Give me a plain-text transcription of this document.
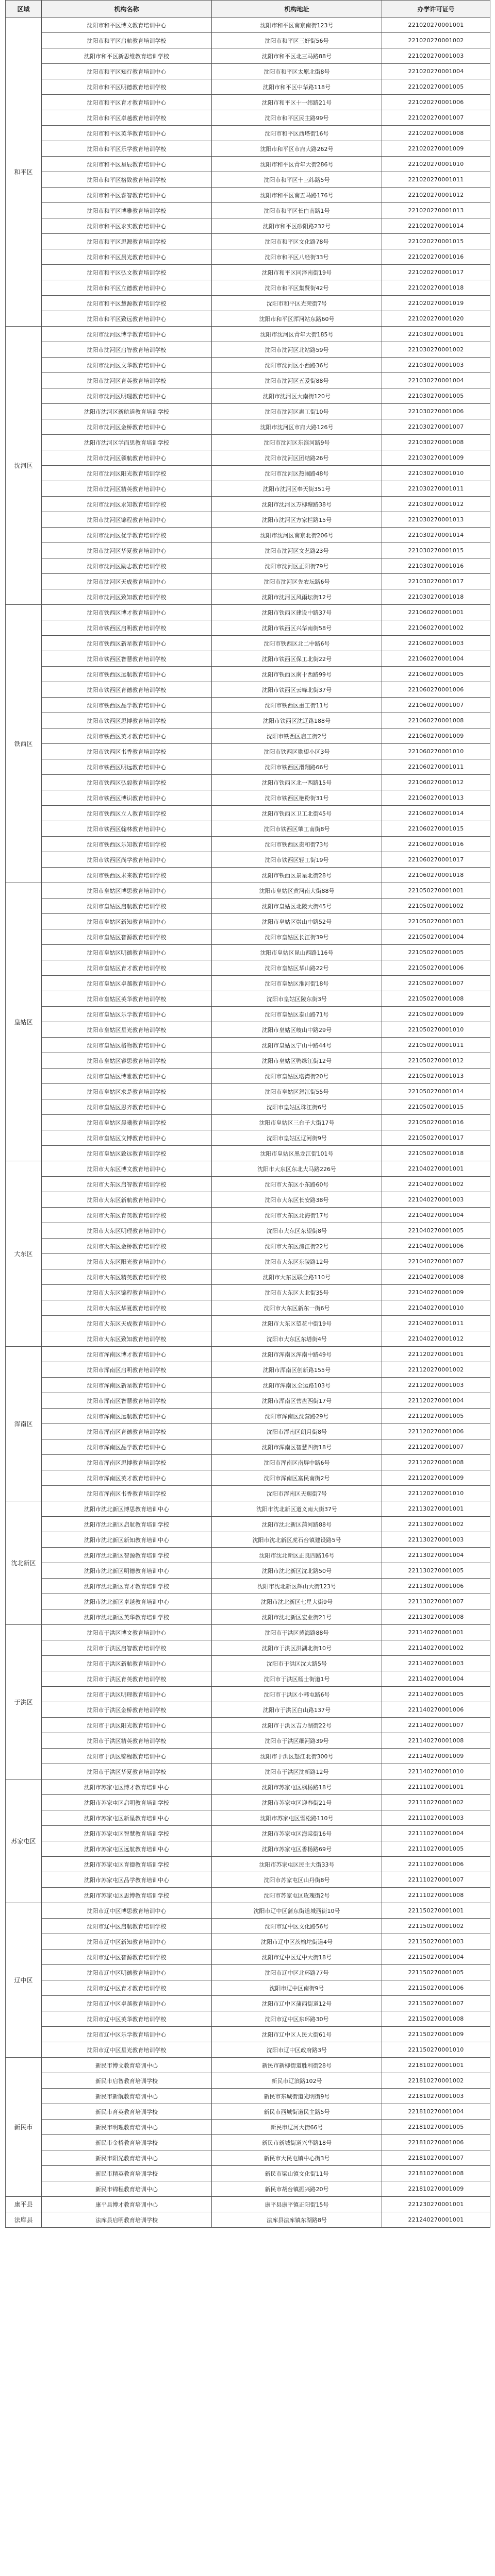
区域	机构名称	机构地址	办学许可证号
和平区	沈阳市和平区博文教育培训中心	沈阳市和平区南京南街123号	221020270001001
	沈阳市和平区启航教育培训学校	沈阳市和平区三好街56号	221020270001002
	沈阳市和平区新思维教育培训学校	沈阳市和平区北三马路88号	221020270001003
	沈阳市和平区知行教育培训中心	沈阳市和平区太原北街8号	221020270001004
	沈阳市和平区明德教育培训学校	沈阳市和平区中华路118号	221020270001005
	沈阳市和平区育才教育培训中心	沈阳市和平区十一纬路21号	221020270001006
	沈阳市和平区卓越教育培训学校	沈阳市和平区民主路99号	221020270001007
	沈阳市和平区英华教育培训中心	沈阳市和平区西塔街16号	221020270001008
	沈阳市和平区乐学教育培训学校	沈阳市和平区市府大路262号	221020270001009
	沈阳市和平区星辰教育培训中心	沈阳市和平区青年大街286号	221020270001010
	沈阳市和平区格致教育培训学校	沈阳市和平区十三纬路5号	221020270001011
	沈阳市和平区睿智教育培训中心	沈阳市和平区南五马路176号	221020270001012
	沈阳市和平区博雅教育培训学校	沈阳市和平区长白南路1号	221020270001013
	沈阳市和平区求实教育培训中心	沈阳市和平区砂阳路232号	221020270001014
	沈阳市和平区思源教育培训学校	沈阳市和平区文化路78号	221020270001015
	沈阳市和平区晨光教育培训中心	沈阳市和平区八经街33号	221020270001016
	沈阳市和平区弘文教育培训学校	沈阳市和平区同泽南街19号	221020270001017
	沈阳市和平区立德教育培训中心	沈阳市和平区集贤街42号	221020270001018
	沈阳市和平区慧源教育培训学校	沈阳市和平区光荣街7号	221020270001019
	沈阳市和平区致远教育培训中心	沈阳市和平区浑河站东路60号	221020270001020
沈河区	沈阳市沈河区博学教育培训中心	沈阳市沈河区青年大街185号	221030270001001
	沈阳市沈河区启智教育培训学校	沈阳市沈河区北站路59号	221030270001002
	沈阳市沈河区文华教育培训中心	沈阳市沈河区小西路36号	221030270001003
	沈阳市沈河区育英教育培训学校	沈阳市沈河区五爱街88号	221030270001004
	沈阳市沈河区明理教育培训中心	沈阳市沈河区大南街120号	221030270001005
	沈阳市沈河区新航道教育培训学校	沈阳市沈河区惠工街10号	221030270001006
	沈阳市沈河区金桥教育培训中心	沈阳市沈河区市府大路126号	221030270001007
	沈阳市沈河区学而思教育培训学校	沈阳市沈河区东滨河路9号	221030270001008
	沈阳市沈河区领航教育培训中心	沈阳市沈河区团结路26号	221030270001009
	沈阳市沈河区阳光教育培训学校	沈阳市沈河区热闹路48号	221030270001010
	沈阳市沈河区精英教育培训中心	沈阳市沈河区奉天街351号	221030270001011
	沈阳市沈河区求知教育培训学校	沈阳市沈河区万柳塘路38号	221030270001012
	沈阳市沈河区锦程教育培训中心	沈阳市沈河区方家栏路15号	221030270001013
	沈阳市沈河区优学教育培训学校	沈阳市沈河区南京北街206号	221030270001014
	沈阳市沈河区华夏教育培训中心	沈阳市沈河区文艺路23号	221030270001015
	沈阳市沈河区励志教育培训学校	沈阳市沈河区正阳街79号	221030270001016
	沈阳市沈河区天成教育培训中心	沈阳市沈河区先农坛路6号	221030270001017
	沈阳市沈河区致知教育培训学校	沈阳市沈河区风雨坛街12号	221030270001018
铁西区	沈阳市铁西区博才教育培训中心	沈阳市铁西区建设中路37号	221060270001001
	沈阳市铁西区启明教育培训学校	沈阳市铁西区兴华南街58号	221060270001002
	沈阳市铁西区新星教育培训中心	沈阳市铁西区北二中路6号	221060270001003
	沈阳市铁西区智慧教育培训学校	沈阳市铁西区保工北街22号	221060270001004
	沈阳市铁西区远航教育培训中心	沈阳市铁西区南十西路99号	221060270001005
	沈阳市铁西区育德教育培训学校	沈阳市铁西区云峰北街37号	221060270001006
	沈阳市铁西区品学教育培训中心	沈阳市铁西区重工街11号	221060270001007
	沈阳市铁西区思博教育培训学校	沈阳市铁西区沈辽路188号	221060270001008
	沈阳市铁西区英才教育培训中心	沈阳市铁西区启工街2号	221060270001009
	沈阳市铁西区书香教育培训学校	沈阳市铁西区勋望小区3号	221060270001010
	沈阳市铁西区明远教育培训中心	沈阳市铁西区滑翔路66号	221060270001011
	沈阳市铁西区弘毅教育培训学校	沈阳市铁西区北一西路15号	221060270001012
	沈阳市铁西区博识教育培训中心	沈阳市铁西区艳粉街31号	221060270001013
	沈阳市铁西区立人教育培训学校	沈阳市铁西区卫工北街45号	221060270001014
	沈阳市铁西区翰林教育培训中心	沈阳市铁西区肇工南街8号	221060270001015
	沈阳市铁西区乐知教育培训学校	沈阳市铁西区贵和街73号	221060270001016
	沈阳市铁西区尚学教育培训中心	沈阳市铁西区轻工街19号	221060270001017
	沈阳市铁西区未来教育培训学校	沈阳市铁西区景星北街28号	221060270001018
皇姑区	沈阳市皇姑区博思教育培训中心	沈阳市皇姑区黄河南大街88号	221050270001001
	沈阳市皇姑区启航教育培训学校	沈阳市皇姑区北陵大街45号	221050270001002
	沈阳市皇姑区新知教育培训中心	沈阳市皇姑区崇山中路52号	221050270001003
	沈阳市皇姑区智源教育培训学校	沈阳市皇姑区长江街39号	221050270001004
	沈阳市皇姑区明德教育培训中心	沈阳市皇姑区昆山西路116号	221050270001005
	沈阳市皇姑区育才教育培训学校	沈阳市皇姑区华山路22号	221050270001006
	沈阳市皇姑区卓越教育培训中心	沈阳市皇姑区淮河街18号	221050270001007
	沈阳市皇姑区英华教育培训学校	沈阳市皇姑区陵东街3号	221050270001008
	沈阳市皇姑区乐学教育培训中心	沈阳市皇姑区泰山路71号	221050270001009
	沈阳市皇姑区星光教育培训学校	沈阳市皇姑区岐山中路29号	221050270001010
	沈阳市皇姑区格物教育培训中心	沈阳市皇姑区宁山中路44号	221050270001011
	沈阳市皇姑区睿思教育培训学校	沈阳市皇姑区鸭绿江街12号	221050270001012
	沈阳市皇姑区博雅教育培训中心	沈阳市皇姑区塔湾街20号	221050270001013
	沈阳市皇姑区求是教育培训学校	沈阳市皇姑区怒江街55号	221050270001014
	沈阳市皇姑区思齐教育培训中心	沈阳市皇姑区珠江街6号	221050270001015
	沈阳市皇姑区晨曦教育培训学校	沈阳市皇姑区三台子大街17号	221050270001016
	沈阳市皇姑区文博教育培训中心	沈阳市皇姑区辽河街9号	221050270001017
	沈阳市皇姑区致远教育培训学校	沈阳市皇姑区黑龙江街101号	221050270001018
大东区	沈阳市大东区博文教育培训中心	沈阳市大东区东北大马路226号	221040270001001
	沈阳市大东区启智教育培训学校	沈阳市大东区小东路60号	221040270001002
	沈阳市大东区新航教育培训中心	沈阳市大东区长安路38号	221040270001003
	沈阳市大东区育英教育培训学校	沈阳市大东区北海街17号	221040270001004
	沈阳市大东区明理教育培训中心	沈阳市大东区东望街8号	221040270001005
	沈阳市大东区金桥教育培训学校	沈阳市大东区滂江街22号	221040270001006
	沈阳市大东区阳光教育培训中心	沈阳市大东区东陵路12号	221040270001007
	沈阳市大东区精英教育培训学校	沈阳市大东区联合路110号	221040270001008
	沈阳市大东区锦程教育培训中心	沈阳市大东区大北街35号	221040270001009
	沈阳市大东区华夏教育培训学校	沈阳市大东区新东一街6号	221040270001010
	沈阳市大东区天成教育培训中心	沈阳市大东区望花中街19号	221040270001011
	沈阳市大东区致知教育培训学校	沈阳市大东区东塔街4号	221040270001012
浑南区	沈阳市浑南区博才教育培训中心	沈阳市浑南区浑南中路49号	221120270001001
	沈阳市浑南区启明教育培训学校	沈阳市浑南区创新路155号	221120270001002
	沈阳市浑南区新星教育培训中心	沈阳市浑南区全运路103号	221120270001003
	沈阳市浑南区智慧教育培训学校	沈阳市浑南区营盘西街17号	221120270001004
	沈阳市浑南区远航教育培训中心	沈阳市浑南区沈营路29号	221120270001005
	沈阳市浑南区育德教育培训学校	沈阳市浑南区朗月街8号	221120270001006
	沈阳市浑南区品学教育培训中心	沈阳市浑南区智慧四街18号	221120270001007
	沈阳市浑南区思博教育培训学校	沈阳市浑南区南屏中路6号	221120270001008
	沈阳市浑南区英才教育培训中心	沈阳市浑南区富民南街2号	221120270001009
	沈阳市浑南区书香教育培训学校	沈阳市浑南区天赐街7号	221120270001010
沈北新区	沈阳市沈北新区博思教育培训中心	沈阳市沈北新区道义南大街37号	221130270001001
	沈阳市沈北新区启航教育培训学校	沈阳市沈北新区蒲河路88号	221130270001002
	沈阳市沈北新区新知教育培训中心	沈阳市沈北新区虎石台镇建设路5号	221130270001003
	沈阳市沈北新区智源教育培训学校	沈阳市沈北新区正良四路16号	221130270001004
	沈阳市沈北新区明德教育培训中心	沈阳市沈北新区沈北路50号	221130270001005
	沈阳市沈北新区育才教育培训学校	沈阳市沈北新区辉山大街123号	221130270001006
	沈阳市沈北新区卓越教育培训中心	沈阳市沈北新区七星大街9号	221130270001007
	沈阳市沈北新区英华教育培训学校	沈阳市沈北新区宏业街21号	221130270001008
于洪区	沈阳市于洪区博文教育培训中心	沈阳市于洪区黄海路88号	221140270001001
	沈阳市于洪区启智教育培训学校	沈阳市于洪区洪湖北街10号	221140270001002
	沈阳市于洪区新航教育培训中心	沈阳市于洪区沈大路5号	221140270001003
	沈阳市于洪区育英教育培训学校	沈阳市于洪区杨士街道1号	221140270001004
	沈阳市于洪区明理教育培训中心	沈阳市于洪区小韩屯路6号	221140270001005
	沈阳市于洪区金桥教育培训学校	沈阳市于洪区白山路137号	221140270001006
	沈阳市于洪区阳光教育培训中心	沈阳市于洪区吉力湖街22号	221140270001007
	沈阳市于洪区精英教育培训学校	沈阳市于洪区细河路39号	221140270001008
	沈阳市于洪区锦程教育培训中心	沈阳市于洪区怒江北街300号	221140270001009
	沈阳市于洪区华夏教育培训学校	沈阳市于洪区沈新路12号	221140270001010
苏家屯区	沈阳市苏家屯区博才教育培训中心	沈阳市苏家屯区枫杨路18号	221110270001001
	沈阳市苏家屯区启明教育培训学校	沈阳市苏家屯区迎春街21号	221110270001002
	沈阳市苏家屯区新星教育培训中心	沈阳市苏家屯区雪松路110号	221110270001003
	沈阳市苏家屯区智慧教育培训学校	沈阳市苏家屯区海棠街16号	221110270001004
	沈阳市苏家屯区远航教育培训中心	沈阳市苏家屯区香杨路69号	221110270001005
	沈阳市苏家屯区育德教育培训学校	沈阳市苏家屯区民主大街33号	221110270001006
	沈阳市苏家屯区品学教育培训中心	沈阳市苏家屯区山丹街8号	221110270001007
	沈阳市苏家屯区思博教育培训学校	沈阳市苏家屯区玫瑰街2号	221110270001008
辽中区	沈阳市辽中区博思教育培训中心	沈阳市辽中区蒲东街道城西街10号	221150270001001
	沈阳市辽中区启航教育培训学校	沈阳市辽中区文化路56号	221150270001002
	沈阳市辽中区新知教育培训中心	沈阳市辽中区茨榆坨街道4号	221150270001003
	沈阳市辽中区智源教育培训学校	沈阳市辽中区辽中大街18号	221150270001004
	沈阳市辽中区明德教育培训中心	沈阳市辽中区北环路77号	221150270001005
	沈阳市辽中区育才教育培训学校	沈阳市辽中区南街9号	221150270001006
	沈阳市辽中区卓越教育培训中心	沈阳市辽中区蒲西街道12号	221150270001007
	沈阳市辽中区英华教育培训学校	沈阳市辽中区东环路30号	221150270001008
	沈阳市辽中区乐学教育培训中心	沈阳市辽中区人民大街61号	221150270001009
	沈阳市辽中区星光教育培训学校	沈阳市辽中区政府路3号	221150270001010
新民市	新民市博文教育培训中心	新民市新柳街道胜利街28号	221810270001001
	新民市启智教育培训学校	新民市辽滨路102号	221810270001002
	新民市新航教育培训中心	新民市东城街道光明街9号	221810270001003
	新民市育英教育培训学校	新民市西城街道民主路5号	221810270001004
	新民市明理教育培训中心	新民市辽河大街66号	221810270001005
	新民市金桥教育培训学校	新民市新城街道兴华路18号	221810270001006
	新民市阳光教育培训中心	新民市大民屯镇中心街3号	221810270001007
	新民市精英教育培训学校	新民市梁山镇文化街11号	221810270001008
	新民市锦程教育培训中心	新民市胡台镇振兴路20号	221810270001009
康平县	康平县博才教育培训中心	康平县康平镇正阳街15号	221230270001001
法库县	法库县启明教育培训学校	法库县法库镇东湖路8号	221240270001001
